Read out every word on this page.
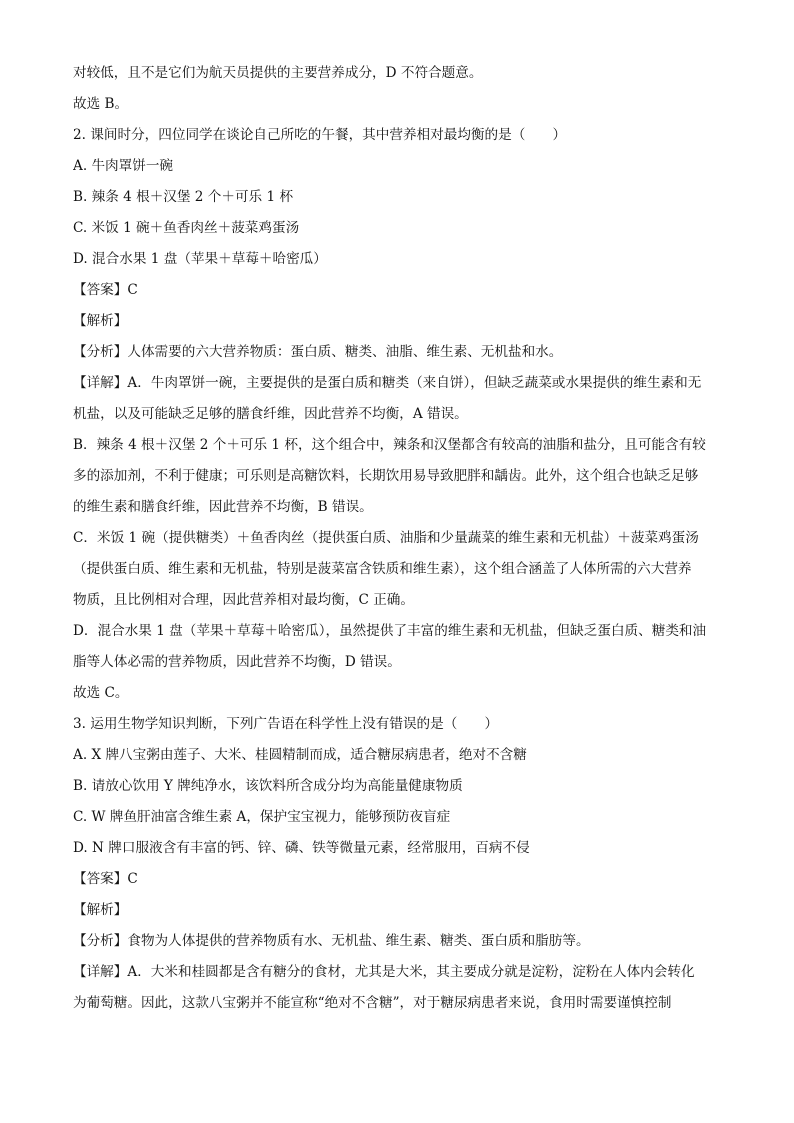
对较低，且不是它们为航天员提供的主要营养成分，D 不符合题意。
故选 B。
2. 课间时分，四位同学在谈论自己所吃的午餐，其中营养相对最均衡的是（　　）
A. 牛肉罩饼一碗
B. 辣条 4 根＋汉堡 2 个＋可乐 1 杯
C. 米饭 1 碗＋鱼香肉丝＋菠菜鸡蛋汤
D. 混合水果 1 盘（苹果＋草莓＋哈密瓜）
【答案】C
【解析】
【分析】人体需要的六大营养物质：蛋白质、糖类、油脂、维生素、无机盐和水。
【详解】A．牛肉罩饼一碗，主要提供的是蛋白质和糖类（来自饼），但缺乏蔬菜或水果提供的维生素和无
机盐，以及可能缺乏足够的膳食纤维，因此营养不均衡，A 错误。
B．辣条 4 根＋汉堡 2 个＋可乐 1 杯，这个组合中，辣条和汉堡都含有较高的油脂和盐分，且可能含有较
多的添加剂，不利于健康；可乐则是高糖饮料，长期饮用易导致肥胖和龋齿。此外，这个组合也缺乏足够
的维生素和膳食纤维，因此营养不均衡，B 错误。
C．米饭 1 碗（提供糖类）＋鱼香肉丝（提供蛋白质、油脂和少量蔬菜的维生素和无机盐）＋菠菜鸡蛋汤
（提供蛋白质、维生素和无机盐，特别是菠菜富含铁质和维生素），这个组合涵盖了人体所需的六大营养
物质，且比例相对合理，因此营养相对最均衡，C 正确。
D．混合水果 1 盘（苹果＋草莓＋哈密瓜），虽然提供了丰富的维生素和无机盐，但缺乏蛋白质、糖类和油
脂等人体必需的营养物质，因此营养不均衡，D 错误。
故选 C。
3. 运用生物学知识判断，下列广告语在科学性上没有错误的是（　　）
A. X 牌八宝粥由莲子、大米、桂圆精制而成，适合糖尿病患者，绝对不含糖
B. 请放心饮用 Y 牌纯净水，该饮料所含成分均为高能量健康物质
C. W 牌鱼肝油富含维生素 A，保护宝宝视力，能够预防夜盲症
D. N 牌口服液含有丰富的钙、锌、磷、铁等微量元素，经常服用，百病不侵
【答案】C
【解析】
【分析】食物为人体提供的营养物质有水、无机盐、维生素、糖类、蛋白质和脂肪等。
【详解】A．大米和桂圆都是含有糖分的食材，尤其是大米，其主要成分就是淀粉，淀粉在人体内会转化
为葡萄糖。因此，这款八宝粥并不能宣称“绝对不含糖”，对于糖尿病患者来说，食用时需要谨慎控制
